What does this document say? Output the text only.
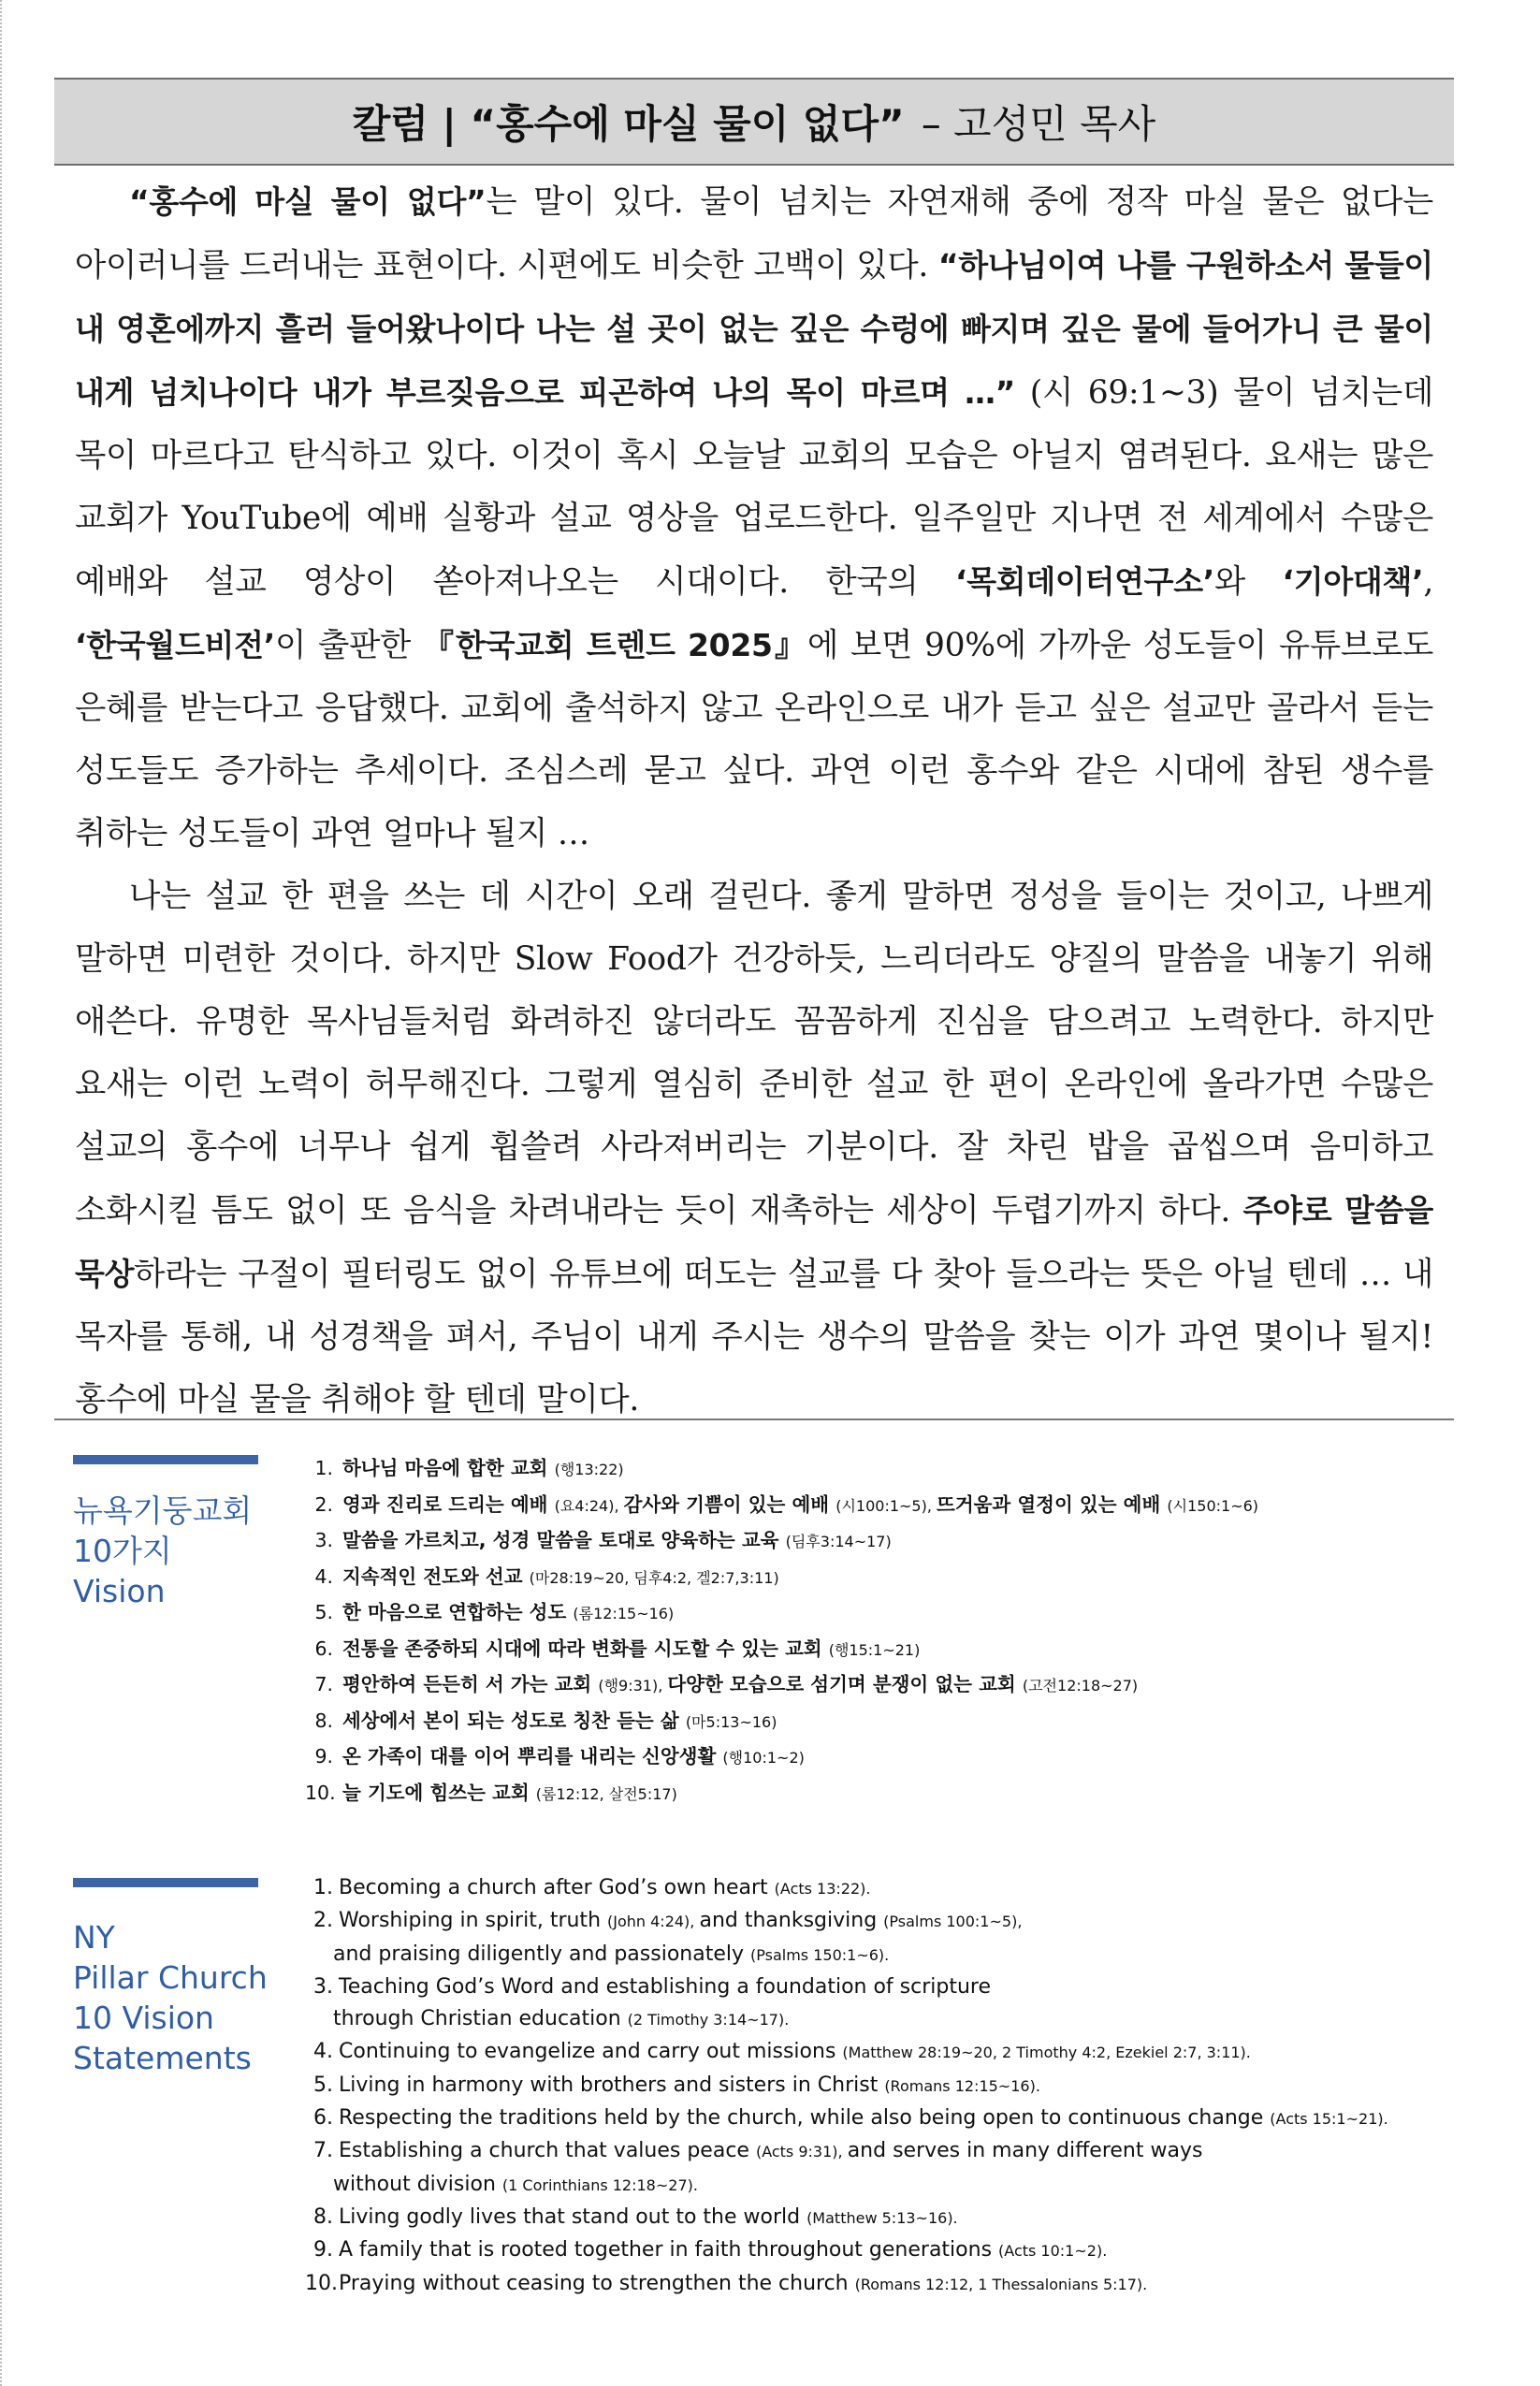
칼럼 | “홍수에 마실 물이 없다” – 고성민 목사

“홍수에 마실 물이 없다”는 말이 있다. 물이 넘치는 자연재해 중에 정작 마실 물은 없다는 아이러니를 드러내는 표현이다. 시편에도 비슷한 고백이 있다. “하나님이여 나를 구원하소서 물들이 내 영혼에까지 흘러 들어왔나이다 나는 설 곳이 없는 깊은 수렁에 빠지며 깊은 물에 들어가니 큰 물이 내게 넘치나이다 내가 부르짖음으로 피곤하여 나의 목이 마르며 …” (시 69:1~3) 물이 넘치는데 목이 마르다고 탄식하고 있다. 이것이 혹시 오늘날 교회의 모습은 아닐지 염려된다. 요새는 많은 교회가 YouTube에 예배 실황과 설교 영상을 업로드한다. 일주일만 지나면 전 세계에서 수많은 예배와 설교 영상이 쏟아져나오는 시대이다. 한국의 ‘목회데이터연구소’와 ‘기아대책’, ‘한국월드비전’이 출판한 『한국교회 트렌드 2025』에 보면 90%에 가까운 성도들이 유튜브로도 은혜를 받는다고 응답했다. 교회에 출석하지 않고 온라인으로 내가 듣고 싶은 설교만 골라서 듣는 성도들도 증가하는 추세이다. 조심스레 묻고 싶다. 과연 이런 홍수와 같은 시대에 참된 생수를 취하는 성도들이 과연 얼마나 될지 …

나는 설교 한 편을 쓰는 데 시간이 오래 걸린다. 좋게 말하면 정성을 들이는 것이고, 나쁘게 말하면 미련한 것이다. 하지만 Slow Food가 건강하듯, 느리더라도 양질의 말씀을 내놓기 위해 애쓴다. 유명한 목사님들처럼 화려하진 않더라도 꼼꼼하게 진심을 담으려고 노력한다. 하지만 요새는 이런 노력이 허무해진다. 그렇게 열심히 준비한 설교 한 편이 온라인에 올라가면 수많은 설교의 홍수에 너무나 쉽게 휩쓸려 사라져버리는 기분이다. 잘 차린 밥을 곱씹으며 음미하고 소화시킬 틈도 없이 또 음식을 차려내라는 듯이 재촉하는 세상이 두렵기까지 하다. 주야로 말씀을 묵상하라는 구절이 필터링도 없이 유튜브에 떠도는 설교를 다 찾아 들으라는 뜻은 아닐 텐데 … 내 목자를 통해, 내 성경책을 펴서, 주님이 내게 주시는 생수의 말씀을 찾는 이가 과연 몇이나 될지! 홍수에 마실 물을 취해야 할 텐데 말이다.

뉴욕기둥교회
10가지
Vision
1. 하나님 마음에 합한 교회 (행13:22)
2. 영과 진리로 드리는 예배 (요4:24), 감사와 기쁨이 있는 예배 (시100:1~5), 뜨거움과 열정이 있는 예배 (시150:1~6)
3. 말씀을 가르치고, 성경 말씀을 토대로 양육하는 교육 (딤후3:14~17)
4. 지속적인 전도와 선교 (마28:19~20, 딤후4:2, 겔2:7,3:11)
5. 한 마음으로 연합하는 성도 (롬12:15~16)
6. 전통을 존중하되 시대에 따라 변화를 시도할 수 있는 교회 (행15:1~21)
7. 평안하여 든든히 서 가는 교회 (행9:31), 다양한 모습으로 섬기며 분쟁이 없는 교회 (고전12:18~27)
8. 세상에서 본이 되는 성도로 칭찬 듣는 삶 (마5:13~16)
9. 온 가족이 대를 이어 뿌리를 내리는 신앙생활 (행10:1~2)
10. 늘 기도에 힘쓰는 교회 (롬12:12, 살전5:17)
NY
Pillar Church
10 Vision
Statements
1. Becoming a church after God’s own heart (Acts 13:22).
2. Worshiping in spirit, truth (John 4:24), and thanksgiving (Psalms 100:1~5),
and praising diligently and passionately (Psalms 150:1~6).
3. Teaching God’s Word and establishing a foundation of scripture
through Christian education (2 Timothy 3:14~17).
4. Continuing to evangelize and carry out missions (Matthew 28:19~20, 2 Timothy 4:2, Ezekiel 2:7, 3:11).
5. Living in harmony with brothers and sisters in Christ (Romans 12:15~16).
6. Respecting the traditions held by the church, while also being open to continuous change (Acts 15:1~21).
7. Establishing a church that values peace (Acts 9:31), and serves in many different ways
without division (1 Corinthians 12:18~27).
8. Living godly lives that stand out to the world (Matthew 5:13~16).
9. A family that is rooted together in faith throughout generations (Acts 10:1~2).
10.Praying without ceasing to strengthen the church (Romans 12:12, 1 Thessalonians 5:17).
